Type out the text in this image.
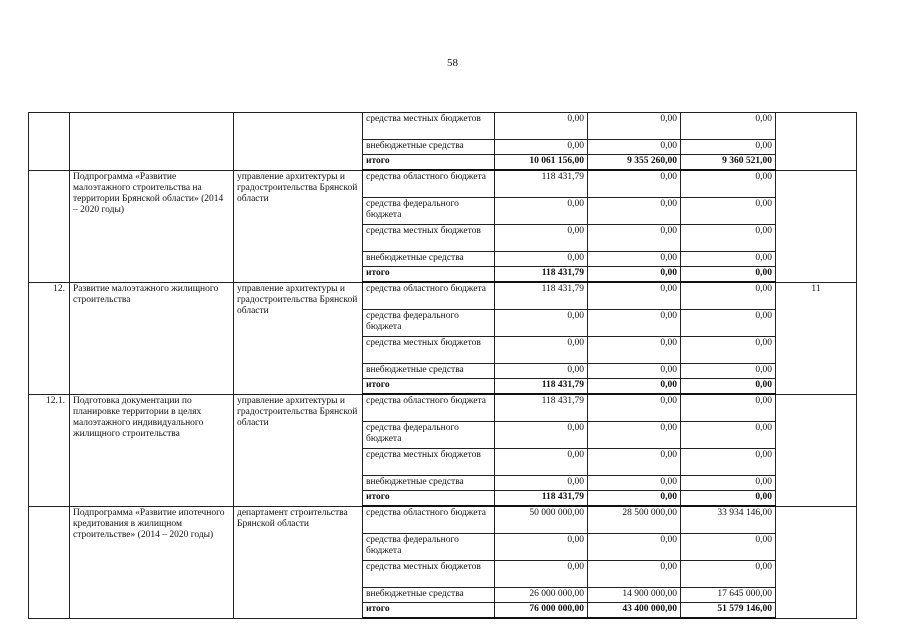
58
			средства местных бюджетов	0,00	0,00	0,00	
			внебюджетные средства	0,00	0,00	0,00	
			итого	10 061 156,00	9 355 260,00	9 360 521,00	
	Подпрограмма «Развитие малоэтажного строительства на территории Брянской области» (2014 – 2020 годы)	управление архитектуры и градостроительства Брянской области	средства областного бюджета	118 431,79	0,00	0,00	
			средства федерального бюджета	0,00	0,00	0,00	
			средства местных бюджетов	0,00	0,00	0,00	
			внебюджетные средства	0,00	0,00	0,00	
			итого	118 431,79	0,00	0,00	
12.	Развитие малоэтажного жилищного строительства	управление архитектуры и градостроительства Брянской области	средства областного бюджета	118 431,79	0,00	0,00	11
			средства федерального бюджета	0,00	0,00	0,00	
			средства местных бюджетов	0,00	0,00	0,00	
			внебюджетные средства	0,00	0,00	0,00	
			итого	118 431,79	0,00	0,00	
12.1.	Подготовка документации по планировке территории в целях малоэтажного индивидуального жилищного строительства	управление архитектуры и градостроительства Брянской области	средства областного бюджета	118 431,79	0,00	0,00	
			средства федерального бюджета	0,00	0,00	0,00	
			средства местных бюджетов	0,00	0,00	0,00	
			внебюджетные средства	0,00	0,00	0,00	
			итого	118 431,79	0,00	0,00	
	Подпрограмма «Развитие ипотечного кредитования в жилищном строительстве» (2014 – 2020 годы)	департамент строительства Брянской области	средства областного бюджета	50 000 000,00	28 500 000,00	33 934 146,00	
			средства федерального бюджета	0,00	0,00	0,00	
			средства местных бюджетов	0,00	0,00	0,00	
			внебюджетные средства	26 000 000,00	14 900 000,00	17 645 000,00	
			итого	76 000 000,00	43 400 000,00	51 579 146,00	
